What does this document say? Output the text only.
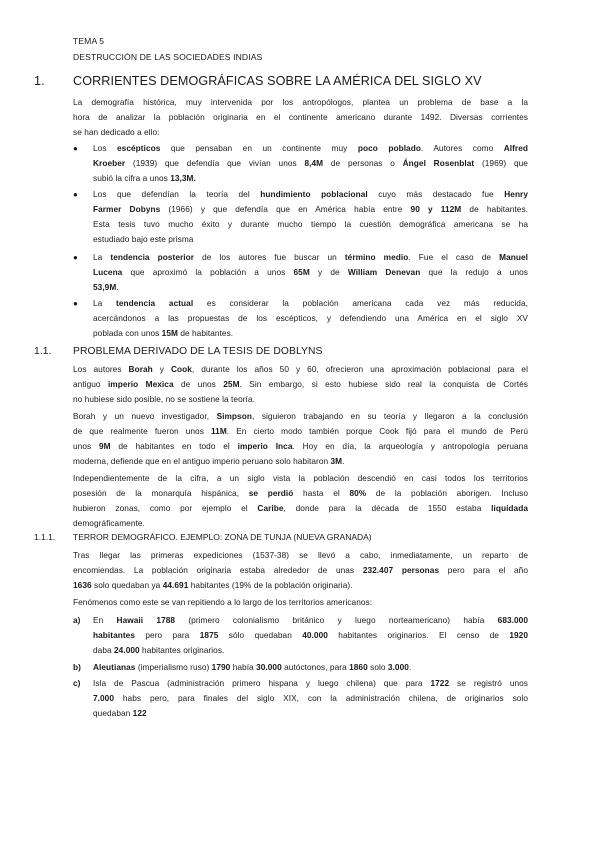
TEMA 5
DESTRUCCIÓN DE LAS SOCIEDADES INDIAS
1. CORRIENTES DEMOGRÁFICAS SOBRE LA AMÉRICA DEL SIGLO XV
La demografía histórica, muy intervenida por los antropólogos, plantea un problema de base a la
hora de analizar la población originaria en el continente americano durante 1492. Diversas corrientes
se han dedicado a ello:
● Los escépticos que pensaban en un continente muy poco poblado. Autores como Alfred
Kroeber (1939) que defendía que vivían unos 8,4M de personas o Ángel Rosenblat (1969) que
subió la cifra a unos 13,3M.
● Los que defendían la teoría del hundimiento poblacional cuyo más destacado fue Henry
Farmer Dobyns (1966) y que defendía que en América había entre 90 y 112M de habitantes.
Esta tesis tuvo mucho éxito y durante mucho tiempo la cuestión demográfica americana se ha
estudiado bajo este prisma
● La tendencia posterior de los autores fue buscar un término medio. Fue el caso de Manuel
Lucena que aproximó la población a unos 65M y de William Denevan que la redujo a unos
53,9M.
● La tendencia actual es considerar la población americana cada vez más reducida,
acercándonos a las propuestas de los escépticos, y defendiendo una América en el siglo XV
poblada con unos 15M de habitantes.
Los autores Borah y Cook, durante los años 50 y 60, ofrecieron una aproximación poblacional para el
antiguo imperio Mexica de unos 25M. Sin embargo, si esto hubiese sido real la conquista de Cortés
no hubiese sido posible, no se sostiene la teoría.
Borah y un nuevo investigador, Simpson, siguieron trabajando en su teoría y llegaron a la conclusión
de que realmente fueron unos 11M. En cierto modo también porque Cook fijó para el mundo de Perú
unos 9M de habitantes en todo el imperio Inca. Hoy en día, la arqueología y antropología peruana
moderna, defiende que en el antiguo imperio peruano solo habitaron 3M.
Independientemente de la cifra, a un siglo vista la población descendió en casi todos los territorios
posesión de la monarquía hispánica, se perdió hasta el 80% de la población aborigen. Incluso
hubieron zonas, como por ejemplo el Caribe, donde para la década de 1550 estaba liquidada
demográficamente.
Tras llegar las primeras expediciones (1537-38) se llevó a cabo, inmediatamente, un reparto de
encomiendas. La población originaria estaba alrededor de unas 232.407 personas pero para el año
1636 solo quedaban ya 44.691 habitantes (19% de la población originaria).
Fenómenos como este se van repitiendo a lo largo de los territorios americanos:
a) En Hawaii 1788 (primero colonialismo británico y luego norteamericano) había 683.000
habitantes pero para 1875 sólo quedaban 40.000 habitantes originarios. El censo de 1920
daba 24.000 habitantes originarios.
b) Aleutianas (imperialismo ruso) 1790 había 30.000 autóctonos, para 1860 solo 3.000.
c) Isla de Pascua (administración primero hispana y luego chilena) que para 1722 se registró unos
7.000 habs pero, para finales del siglo XIX, con la administración chilena, de originarios solo
quedaban 122
1.1. PROBLEMA DERIVADO DE LA TESIS DE DOBLYNS
1.1.1. TERROR DEMOGRÁFICO. EJEMPLO: ZONA DE TUNJA (NUEVA GRANADA)
